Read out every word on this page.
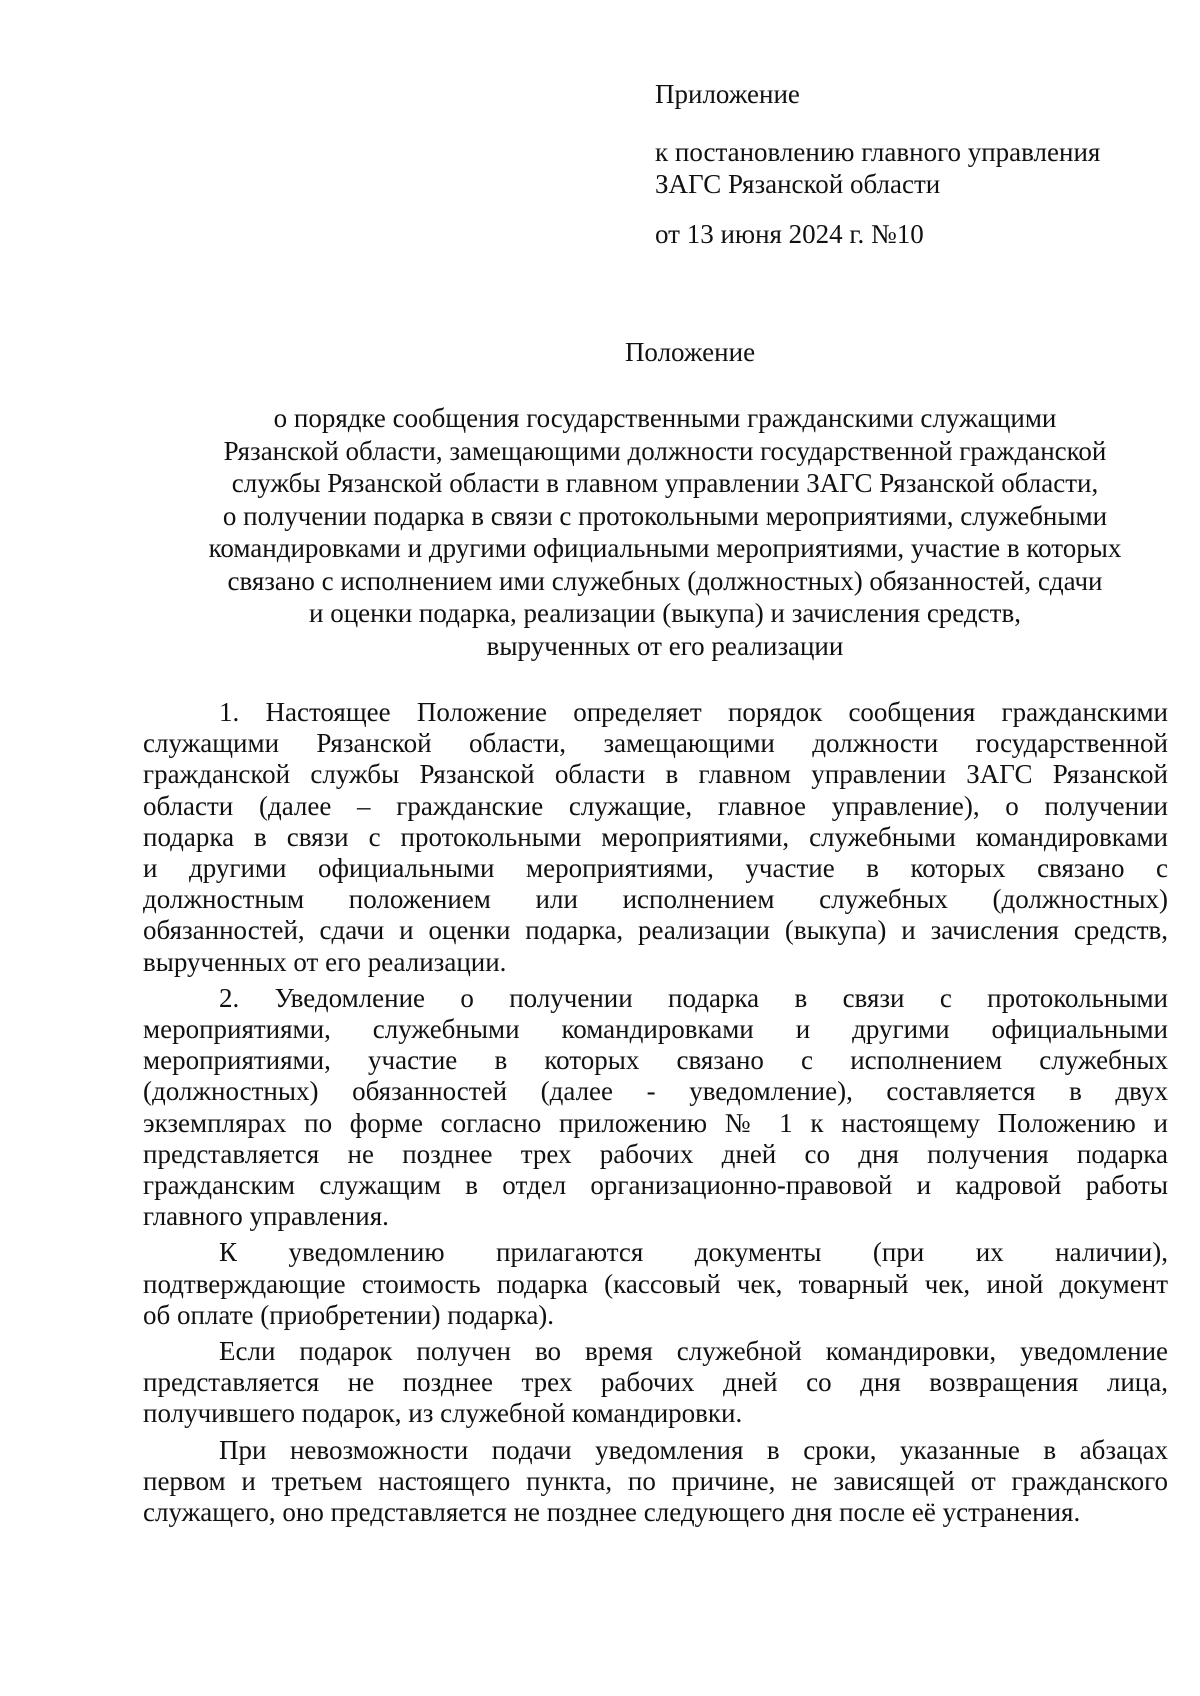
Приложение
к постановлению главного управления
ЗАГС Рязанской области
от 13 июня 2024 г. №10
Положение
о порядке сообщения государственными гражданскими служащими
Рязанской области, замещающими должности государственной гражданской
службы Рязанской области в главном управлении ЗАГС Рязанской области,
о получении подарка в связи с протокольными мероприятиями, служебными
командировками и другими официальными мероприятиями, участие в которых
связано с исполнением ими служебных (должностных) обязанностей, сдачи
и оценки подарка, реализации (выкупа) и зачисления средств,
вырученных от его реализации
1. Настоящее Положение определяет порядок сообщения гражданскими
служащими Рязанской области, замещающими должности государственной
гражданской службы Рязанской области в главном управлении ЗАГС Рязанской
области (далее – гражданские служащие, главное управление), о получении
подарка в связи с протокольными мероприятиями, служебными командировками
и другими официальными мероприятиями, участие в которых связано с
должностным положением или исполнением служебных (должностных)
обязанностей, сдачи и оценки подарка, реализации (выкупа) и зачисления средств,
вырученных от его реализации.
2. Уведомление о получении подарка в связи с протокольными
мероприятиями, служебными командировками и другими официальными
мероприятиями, участие в которых связано с исполнением служебных
(должностных) обязанностей (далее - уведомление), составляется в двух
экземплярах по форме согласно приложению № 1 к настоящему Положению и
представляется не позднее трех рабочих дней со дня получения подарка
гражданским служащим в отдел организационно-правовой и кадровой работы
главного управления.
К уведомлению прилагаются документы (при их наличии),
подтверждающие стоимость подарка (кассовый чек, товарный чек, иной документ
об оплате (приобретении) подарка).
Если подарок получен во время служебной командировки, уведомление
представляется не позднее трех рабочих дней со дня возвращения лица,
получившего подарок, из служебной командировки.
При невозможности подачи уведомления в сроки, указанные в абзацах
первом и третьем настоящего пункта, по причине, не зависящей от гражданского
служащего, оно представляется не позднее следующего дня после её устранения.
